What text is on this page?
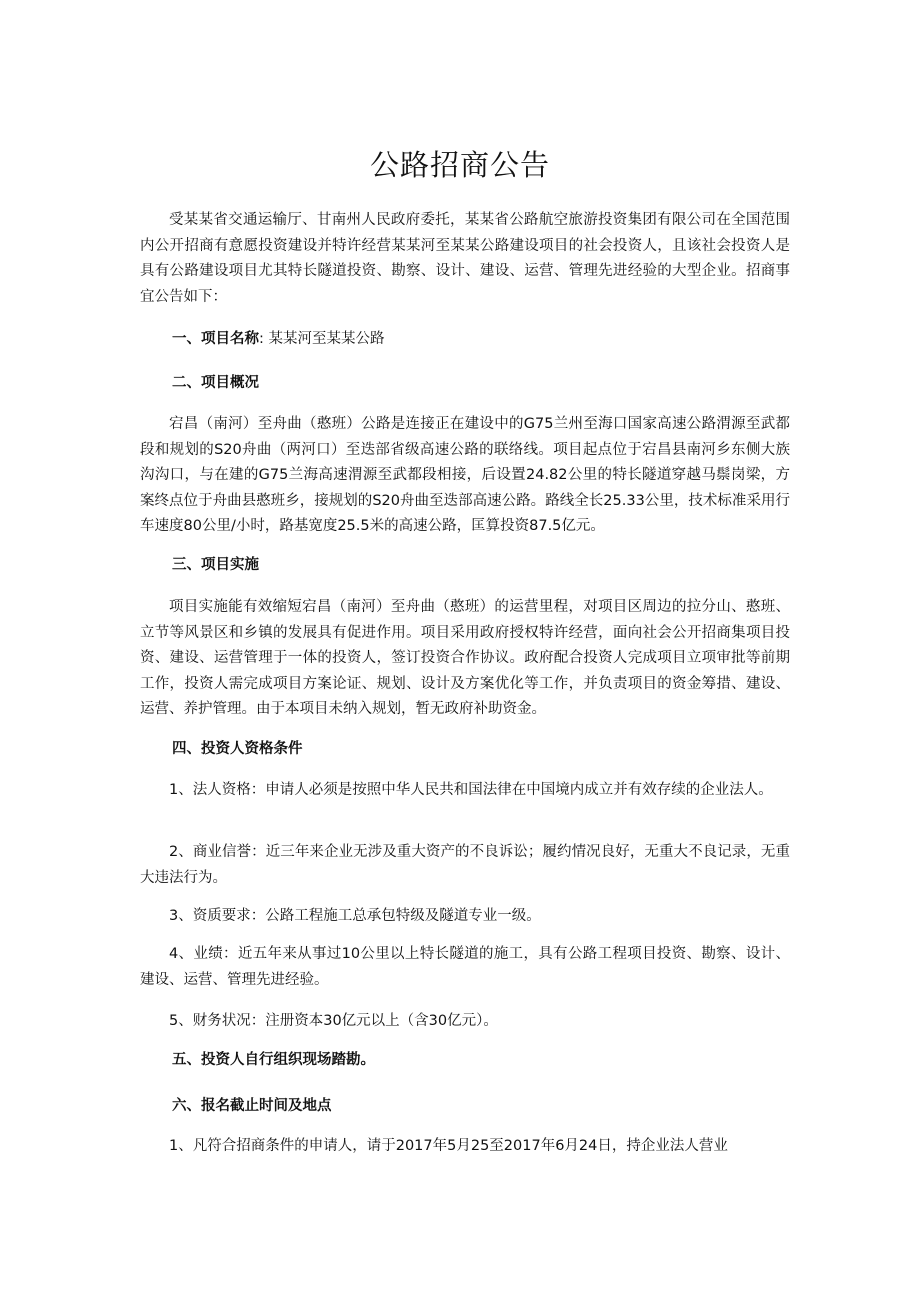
公路招商公告

受某某省交通运输厅、甘南州人民政府委托，某某省公路航空旅游投资集团有限公司在全国范围内公开招商有意愿投资建设并特许经营某某河至某某公路建设项目的社会投资人，且该社会投资人是具有公路建设项目尤其特长隧道投资、勘察、设计、建设、运营、管理先进经验的大型企业。招商事宜公告如下：

一、项目名称: 某某河至某某公路

二、项目概况

宕昌（南河）至舟曲（憨班）公路是连接正在建设中的G75兰州至海口国家高速公路渭源至武都段和规划的S20舟曲（两河口）至迭部省级高速公路的联络线。项目起点位于宕昌县南河乡东侧大族沟沟口，与在建的G75兰海高速渭源至武都段相接，后设置24.82公里的特长隧道穿越马鬃岗梁，方案终点位于舟曲县憨班乡，接规划的S20舟曲至迭部高速公路。路线全长25.33公里，技术标准采用行车速度80公里/小时，路基宽度25.5米的高速公路，匡算投资87.5亿元。

三、项目实施

项目实施能有效缩短宕昌（南河）至舟曲（憨班）的运营里程，对项目区周边的拉分山、憨班、立节等风景区和乡镇的发展具有促进作用。项目采用政府授权特许经营，面向社会公开招商集项目投资、建设、运营管理于一体的投资人，签订投资合作协议。政府配合投资人完成项目立项审批等前期工作，投资人需完成项目方案论证、规划、设计及方案优化等工作，并负责项目的资金筹措、建设、运营、养护管理。由于本项目未纳入规划，暂无政府补助资金。

四、投资人资格条件

1、法人资格：申请人必须是按照中华人民共和国法律在中国境内成立并有效存续的企业法人。

2、商业信誉：近三年来企业无涉及重大资产的不良诉讼；履约情况良好，无重大不良记录，无重大违法行为。

3、资质要求：公路工程施工总承包特级及隧道专业一级。

4、业绩：近五年来从事过10公里以上特长隧道的施工，具有公路工程项目投资、勘察、设计、建设、运营、管理先进经验。

5、财务状况：注册资本30亿元以上（含30亿元）。

五、投资人自行组织现场踏勘。

六、报名截止时间及地点

1、凡符合招商条件的申请人，请于2017年5月25至2017年6月24日，持企业法人营业
